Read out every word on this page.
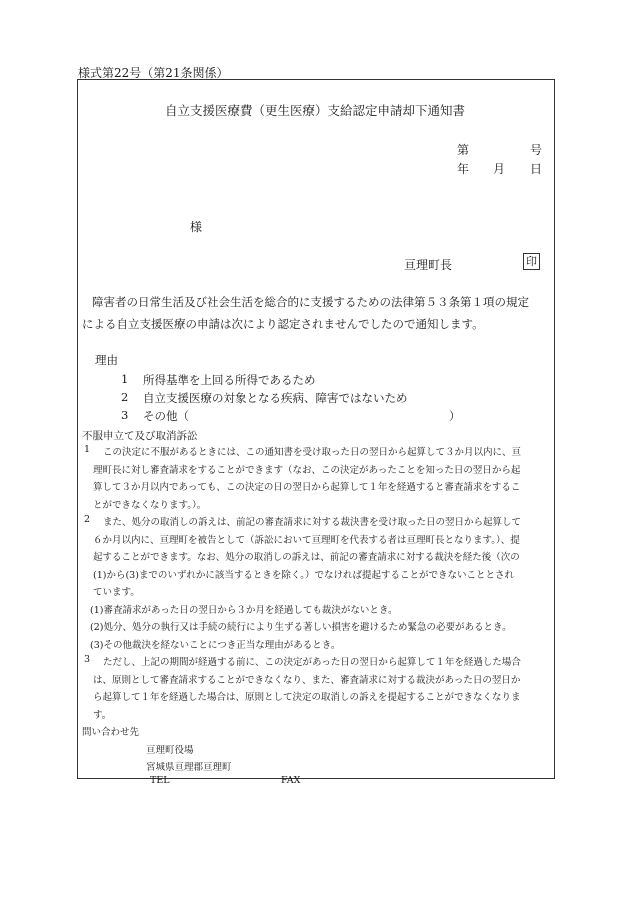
様式第22号（第21条関係）
自立支援医療費（更生医療）支給認定申請却下通知書
第	号
年 月 日
様
亘理町長	印
障害者の日常生活及び社会生活を総合的に支援するための法律第５３条第１項の規定
による自立支援医療の申請は次により認定されませんでしたので通知します。
理由
1 所得基準を上回る所得であるため
2 自立支援医療の対象となる疾病、障害ではないため
3 その他（	）
不服申立て及び取消訴訟
1 この決定に不服があるときには、この通知書を受け取った日の翌日から起算して３か月以内に、亘
理町長に対し審査請求をすることができます（なお、この決定があったことを知った日の翌日から起
算して３か月以内であっても、この決定の日の翌日から起算して１年を経過すると審査請求をするこ
とができなくなります。）。
2 また、処分の取消しの訴えは、前記の審査請求に対する裁決書を受け取った日の翌日から起算して
６か月以内に、亘理町を被告として（訴訟において亘理町を代表する者は亘理町長となります。）、提
起することができます。なお、処分の取消しの訴えは、前記の審査請求に対する裁決を経た後（次の
(1)から(3)までのいずれかに該当するときを除く。）でなければ提起することができないこととされ
ています。
(1)審査請求があった日の翌日から３か月を経過しても裁決がないとき。
(2)処分、処分の執行又は手続の続行により生ずる著しい損害を避けるため緊急の必要があるとき。
(3)その他裁決を経ないことにつき正当な理由があるとき。
3 ただし、上記の期間が経過する前に、この決定があった日の翌日から起算して１年を経過した場合
は、原則として審査請求することができなくなり、また、審査請求に対する裁決があった日の翌日か
ら起算して１年を経過した場合は、原則として決定の取消しの訴えを提起することができなくなりま
す。
問い合わせ先
亘理町役場
宮城県亘理郡亘理町
TEL	FAX
